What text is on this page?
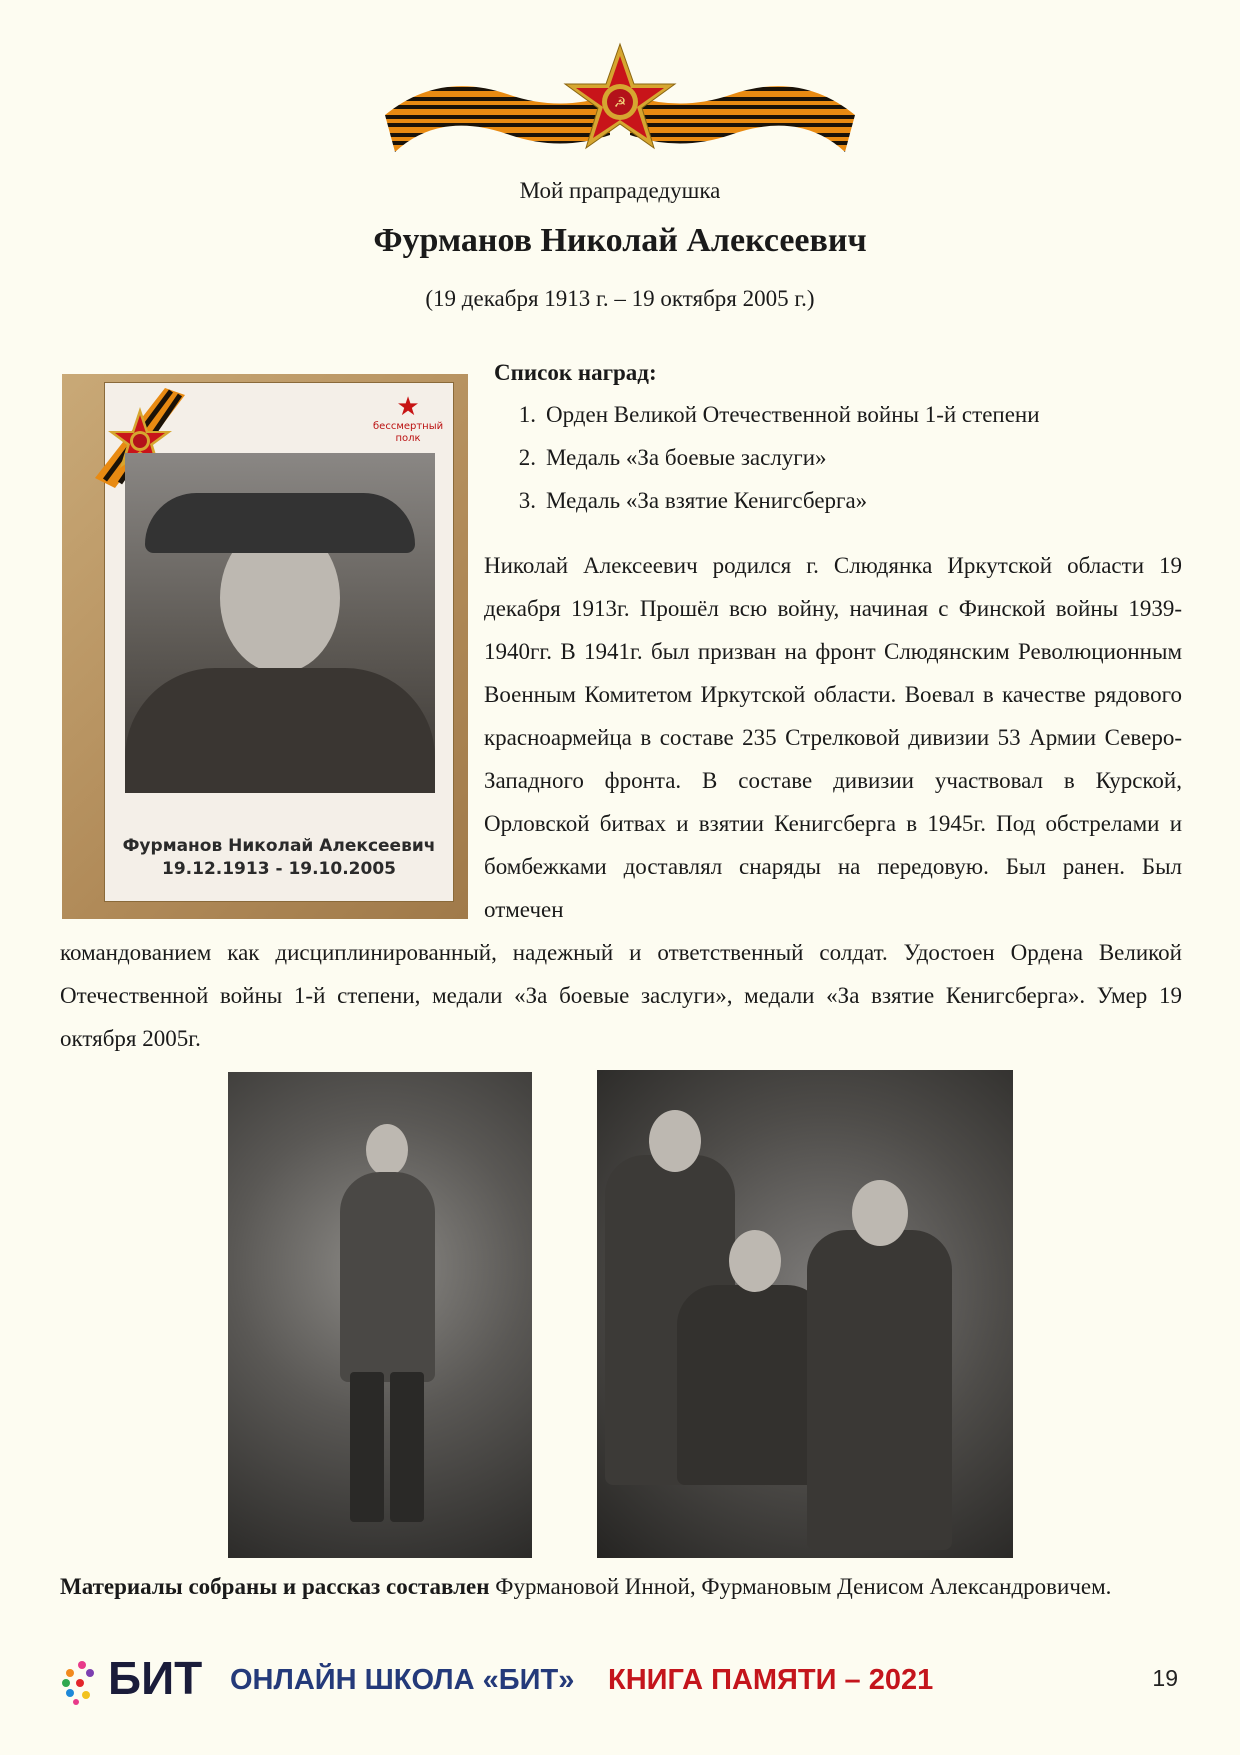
☭
Мой прапрадедушка
Фурманов Николай Алексеевич
(19 декабря 1913 г. – 19 октября 2005 г.)
★
бессмертный
полк
Фурманов Николай Алексеевич
19.12.1913 - 19.10.2005
Список наград:
1. Орден Великой Отечественной войны 1-й степени
2. Медаль «За боевые заслуги»
3. Медаль «За взятие Кенигсберга»
Николай Алексеевич родился г. Слюдянка Иркутской области 19 декабря 1913г. Прошёл всю войну, начиная с Финской войны 1939-1940гг. В 1941г. был призван на фронт Слюдянским Революционным Военным Комитетом Иркутской области. Воевал в качестве рядового красноармейца в составе 235 Стрелковой дивизии 53 Армии Северо-Западного фронта. В составе дивизии участвовал в Курской, Орловской битвах и взятии Кенигсберга в 1945г. Под обстрелами и бомбежками доставлял снаряды на передовую. Был ранен. Был отмечен
командованием как дисциплинированный, надежный и ответственный солдат. Удостоен Ордена Великой Отечественной войны 1-й степени, медали «За боевые заслуги», медали «За взятие Кенигсберга». Умер 19 октября 2005г.
Материалы собраны и рассказ составлен Фурмановой Инной, Фурмановым Денисом Александровичем.
БИТ ОНЛАЙН ШКОЛА «БИТ» КНИГА ПАМЯТИ – 2021	19
